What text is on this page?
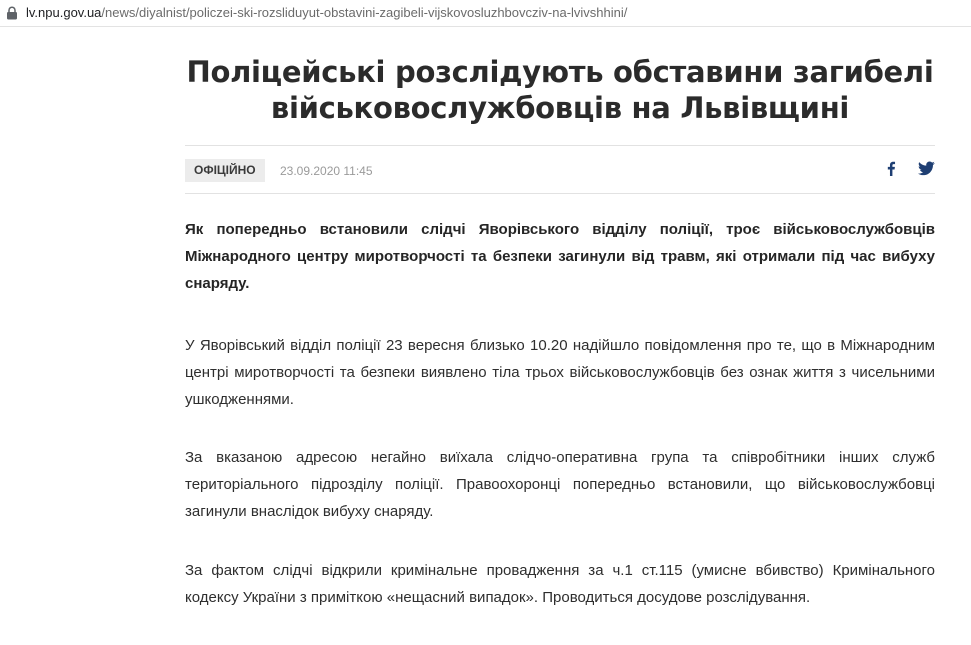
lv.npu.gov.ua/news/diyalnist/policzei-ski-rozsliduyut-obstavini-zagibeli-vijskovosluzhbovcziv-na-lvivshhini/
Поліцейські розслідують обставини загибелі військовослужбовців на Львівщині
ОФІЦІЙНО	23.09.2020 11:45

Як попередньо встановили слідчі Яворівського відділу поліції, троє військовослужбовців Міжнародного центру миротворчості та безпеки загинули від травм, які отримали під час вибуху снаряду.

У Яворівський відділ поліції 23 вересня близько 10.20 надійшло повідомлення про те, що в Міжнародним центрі миротворчості та безпеки виявлено тіла трьох військовослужбовців без ознак життя з чисельними ушкодженнями.

За вказаною адресою негайно виїхала слідчо-оперативна група та співробітники інших служб територіального підрозділу поліції. Правоохоронці попередньо встановили, що військовослужбовці загинули внаслідок вибуху снаряду.

За фактом слідчі відкрили кримінальне провадження за ч.1 ст.115 (умисне вбивство) Кримінального кодексу України з приміткою «нещасний випадок». Проводиться досудове розслідування.
